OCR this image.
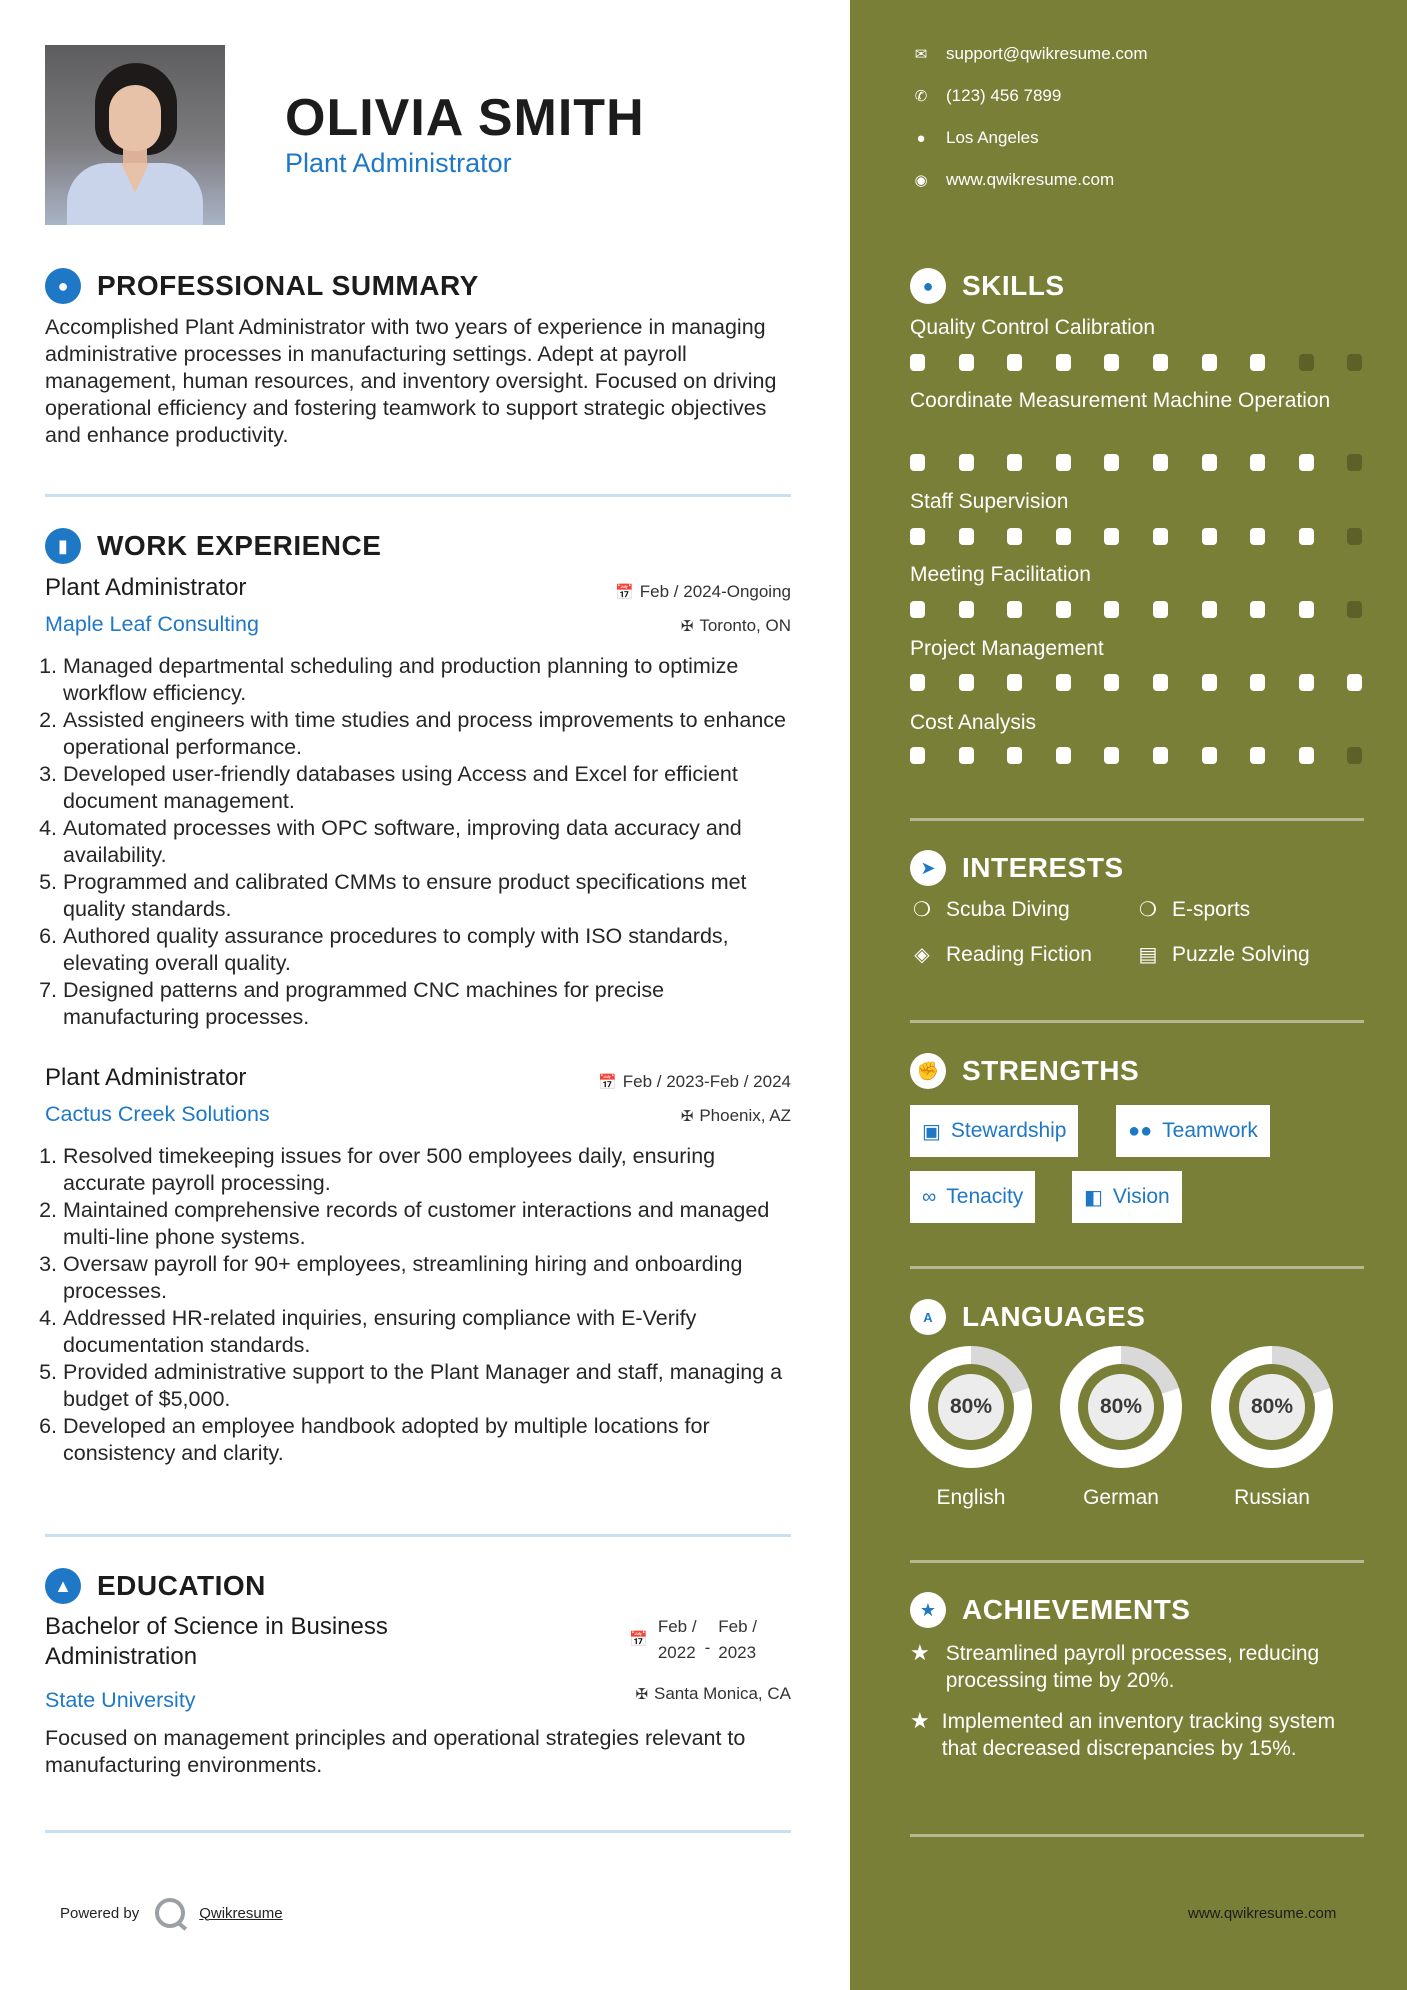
OLIVIA SMITH
Plant Administrator
●	PROFESSIONAL SUMMARY
Accomplished Plant Administrator with two years of experience in managing administrative processes in manufacturing settings. Adept at payroll management, human resources, and inventory oversight. Focused on driving operational efficiency and fostering teamwork to support strategic objectives and enhance productivity.
▮	WORK EXPERIENCE
Plant Administrator	📅 Feb / 2024-Ongoing
Maple Leaf Consulting	✠ Toronto, ON
1. Managed departmental scheduling and production planning to optimize workflow efficiency.
2. Assisted engineers with time studies and process improvements to enhance operational performance.
3. Developed user-friendly databases using Access and Excel for efficient document management.
4. Automated processes with OPC software, improving data accuracy and availability.
5. Programmed and calibrated CMMs to ensure product specifications met quality standards.
6. Authored quality assurance procedures to comply with ISO standards, elevating overall quality.
7. Designed patterns and programmed CNC machines for precise manufacturing processes.
Plant Administrator	📅 Feb / 2023-Feb / 2024
Cactus Creek Solutions	✠ Phoenix, AZ
1. Resolved timekeeping issues for over 500 employees daily, ensuring accurate payroll processing.
2. Maintained comprehensive records of customer interactions and managed multi-line phone systems.
3. Oversaw payroll for 90+ employees, streamlining hiring and onboarding processes.
4. Addressed HR-related inquiries, ensuring compliance with E-Verify documentation standards.
5. Provided administrative support to the Plant Manager and staff, managing a budget of $5,000.
6. Developed an employee handbook adopted by multiple locations for consistency and clarity.
▲ EDUCATION
Bachelor of Science in Business
Administration
📅
Feb /
2022 -
Feb /
2023
State University	✠ Santa Monica, CA
Focused on management principles and operational strategies relevant to manufacturing environments.
Powered by	Qwikresume
✉ support@qwikresume.com
✆ (123) 456 7899
●	Los Angeles
◉ www.qwikresume.com
●	SKILLS
Quality Control Calibration
Coordinate Measurement Machine Operation
Staff Supervision
Meeting Facilitation
Project Management
Cost Analysis
➤ INTERESTS
❍ Scuba Diving	❍ E-sports
◈ Reading Fiction ▤ Puzzle Solving
✊ STRENGTHS
▣ Stewardship	●● Teamwork
∞ Tenacity	◧ Vision
A	LANGUAGES
80%
English
80%
German
80%
Russian
★ ACHIEVEMENTS
★ Streamlined payroll processes, reducing processing time by 20%.
★ Implemented an inventory tracking system that decreased discrepancies by 15%.
www.qwikresume.com
